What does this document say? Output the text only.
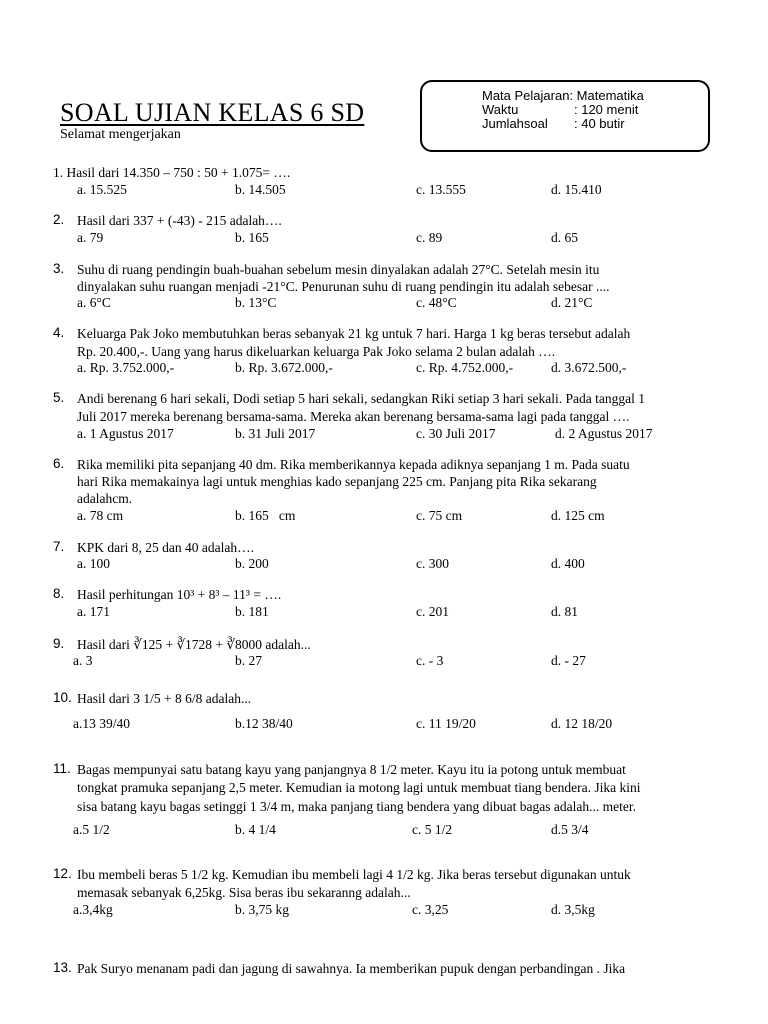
SOAL UJIAN KELAS 6 SD
Selamat mengerjakan
Mata Pelajaran: Matematika
Waktu	: 120 menit
Jumlahsoal : 40 butir
1. Hasil dari 14.350 – 750 : 50 + 1.075= ….
a. 15.525	b. 14.505	c. 13.555	d. 15.410
2. Hasil dari 337 + (-43) - 215 adalah….
a. 79	b. 165	c. 89	d. 65
3. Suhu di ruang pendingin buah-buahan sebelum mesin dinyalakan adalah 27°C. Setelah mesin itu
dinyalakan suhu ruangan menjadi -21°C. Penurunan suhu di ruang pendingin itu adalah sebesar ....
a. 6°C	b. 13°C	c. 48°C	d. 21°C
4. Keluarga Pak Joko membutuhkan beras sebanyak 21 kg untuk 7 hari. Harga 1 kg beras tersebut adalah
Rp. 20.400,-. Uang yang harus dikeluarkan keluarga Pak Joko selama 2 bulan adalah ….
a. Rp. 3.752.000,-	b. Rp. 3.672.000,-	c. Rp. 4.752.000,-	d. 3.672.500,-
5. Andi berenang 6 hari sekali, Dodi setiap 5 hari sekali, sedangkan Riki setiap 3 hari sekali. Pada tanggal 1
Juli 2017 mereka berenang bersama-sama. Mereka akan berenang bersama-sama lagi pada tanggal ….
a. 1 Agustus 2017	b. 31 Juli 2017	c. 30 Juli 2017	d. 2 Agustus 2017
6. Rika memiliki pita sepanjang 40 dm. Rika memberikannya kepada adiknya sepanjang 1 m. Pada suatu
hari Rika memakainya lagi untuk menghias kado sepanjang 225 cm. Panjang pita Rika sekarang
adalahcm.
a. 78 cm	b. 165   cm	c. 75 cm	d. 125 cm
7. KPK dari 8, 25 dan 40 adalah….
a. 100	b. 200	c. 300	d. 400
8. Hasil perhitungan 10³ + 8³ – 11³ = ….
a. 171	b. 181	c. 201	d. 81
9. Hasil dari ∛125 + ∛1728 + ∛8000 adalah...
a. 3	b. 27	c. - 3	d. - 27
10. Hasil dari 3 1/5 + 8 6/8 adalah...
a.13 39/40	b.12 38/40	c. 11 19/20	d. 12 18/20
11. Bagas mempunyai satu batang kayu yang panjangnya 8 1/2 meter. Kayu itu ia potong untuk membuat
tongkat pramuka sepanjang 2,5 meter. Kemudian ia motong lagi untuk membuat tiang bendera. Jika kini
sisa batang kayu bagas setinggi 1 3/4 m, maka panjang tiang bendera yang dibuat bagas adalah... meter.
a.5 1/2	b. 4 1/4	c. 5 1/2	d.5 3/4
12. Ibu membeli beras 5 1/2 kg. Kemudian ibu membeli lagi 4 1/2 kg. Jika beras tersebut digunakan untuk
memasak sebanyak 6,25kg. Sisa beras ibu sekaranng adalah...
a.3,4kg	b. 3,75 kg	c. 3,25	d. 3,5kg
13. Pak Suryo menanam padi dan jagung di sawahnya. Ia memberikan pupuk dengan perbandingan . Jika
